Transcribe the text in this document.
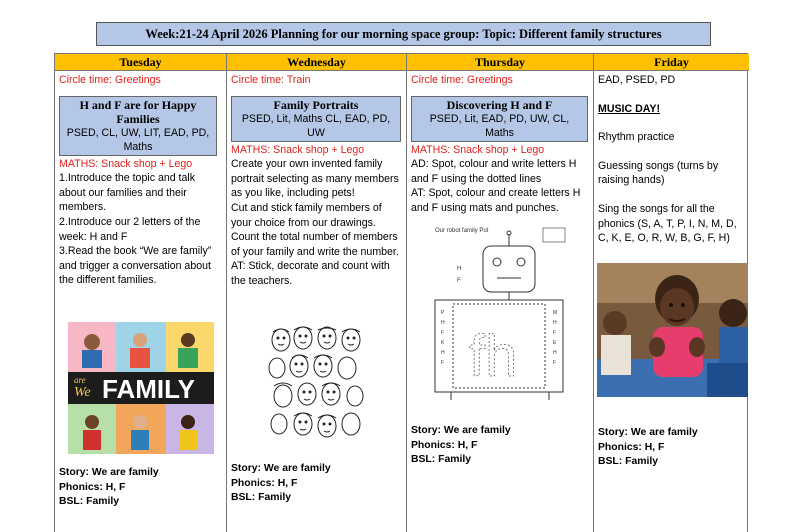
Week:21-24 April 2026 Planning for our morning space group: Topic: Different family structures
Tuesday
Circle time: Greetings
H and F are for Happy Families
PSED, CL, UW, LIT, EAD, PD, Maths
MATHS: Snack shop + Lego
1.Introduce the topic and talk about our families and their members.
2.Introduce our 2 letters of the week: H and F
3.Read the book “We are family” and trigger a conversation about the different families.
We
are FAMILY
Story: We are family
Phonics: H, F
BSL: Family
Wednesday
Circle time: Train
Family Portraits
PSED, Lit, Maths CL, EAD, PD, UW
MATHS: Snack shop + Lego
Create your own invented family portrait selecting as many members as you like, including pets!
Cut and stick family members of your choice from our drawings.
Count the total number of members of your family and write the number.
AT: Stick, decorate and count with the teachers.
Story: We are family
Phonics: H, F
BSL: Family
Thursday
Circle time: Greetings
Discovering H and F
PSED, Lit, EAD, PD, UW, CL, Maths
MATHS: Snack shop + Lego
AD: Spot, colour and write letters H and F using the dotted lines
AT: Spot, colour and create letters H and F using mats and punches.
Our robot family Put
fh
P
H
F
K
H
F
M
H
F
E
H
F
H
F
Story: We are family
Phonics: H, F
BSL: Family
Friday
EAD, PSED, PD
MUSIC DAY!
Rhythm practice
Guessing songs (turns by raising hands)
Sing the songs for all the phonics (S, A, T, P, I, N, M, D, C, K, E, O, R, W, B, G, F, H)
Story: We are family
Phonics: H, F
BSL: Family
